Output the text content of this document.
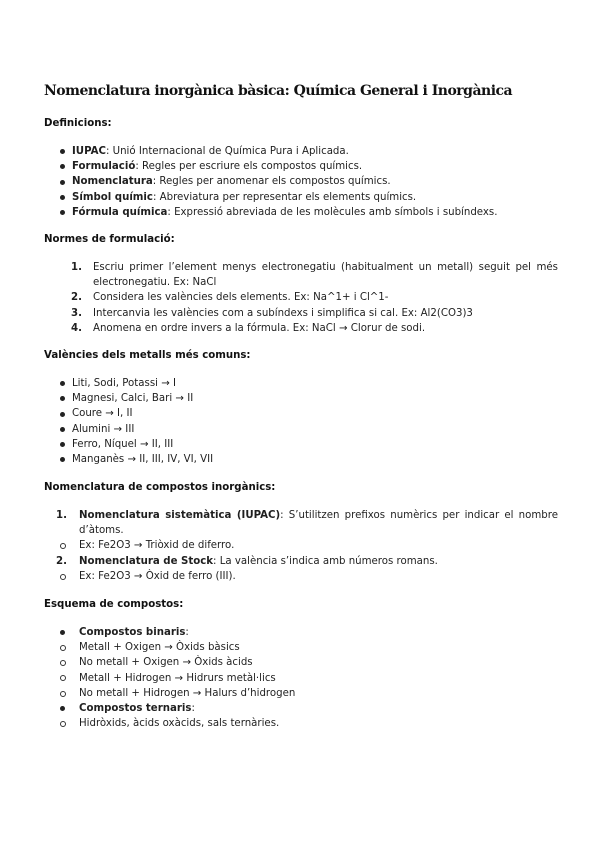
Nomenclatura inorgànica bàsica: Química General i Inorgànica

Definicions:

IUPAC: Unió Internacional de Química Pura i Aplicada.
Formulació: Regles per escriure els compostos químics.
Nomenclatura: Regles per anomenar els compostos químics.
Símbol químic: Abreviatura per representar els elements químics.
Fórmula química: Expressió abreviada de les molècules amb símbols i subíndexs.

Normes de formulació:

1. Escriu primer l’element menys electronegatiu (habitualment un metall) seguit pel més electronegatiu. Ex: NaCl
2. Considera les valències dels elements. Ex: Na^1+ i Cl^1-
3. Intercanvia les valències com a subíndexs i simplifica si cal. Ex: Al2(CO3)3
4. Anomena en ordre invers a la fórmula. Ex: NaCl → Clorur de sodi.

Valències dels metalls més comuns:

Liti, Sodi, Potassi → I
Magnesi, Calci, Bari → II
Coure → I, II
Alumini → III
Ferro, Níquel → II, III
Manganès → II, III, IV, VI, VII

Nomenclatura de compostos inorgànics:

1. Nomenclatura sistemàtica (IUPAC): S’utilitzen prefixos numèrics per indicar el nombre d’àtoms.
Ex: Fe2O3 → Triòxid de diferro.
2. Nomenclatura de Stock: La valència s’indica amb números romans.
Ex: Fe2O3 → Òxid de ferro (III).

Esquema de compostos:

Compostos binaris:
Metall + Oxigen → Òxids bàsics
No metall + Oxigen → Òxids àcids
Metall + Hidrogen → Hidrurs metàl·lics
No metall + Hidrogen → Halurs d’hidrogen
Compostos ternaris:
Hidròxids, àcids oxàcids, sals ternàries.
